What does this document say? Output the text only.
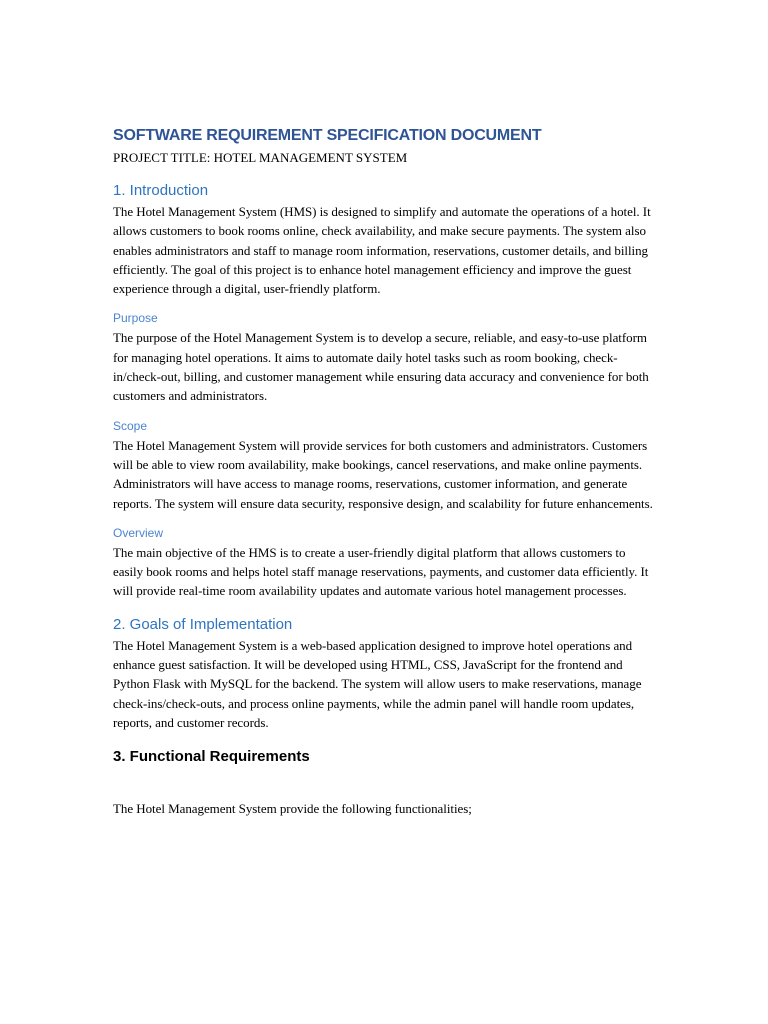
SOFTWARE REQUIREMENT SPECIFICATION DOCUMENT

PROJECT TITLE: HOTEL MANAGEMENT SYSTEM

1. Introduction

The Hotel Management System (HMS) is designed to simplify and automate the operations of a hotel. It allows customers to book rooms online, check availability, and make secure payments. The system also enables administrators and staff to manage room information, reservations, customer details, and billing efficiently. The goal of this project is to enhance hotel management efficiency and improve the guest experience through a digital, user-friendly platform.

Purpose

The purpose of the Hotel Management System is to develop a secure, reliable, and easy-to-use platform for managing hotel operations. It aims to automate daily hotel tasks such as room booking, check-in/check-out, billing, and customer management while ensuring data accuracy and convenience for both customers and administrators.

Scope

The Hotel Management System will provide services for both customers and administrators. Customers will be able to view room availability, make bookings, cancel reservations, and make online payments. Administrators will have access to manage rooms, reservations, customer information, and generate reports. The system will ensure data security, responsive design, and scalability for future enhancements.

Overview

The main objective of the HMS is to create a user-friendly digital platform that allows customers to easily book rooms and helps hotel staff manage reservations, payments, and customer data efficiently. It will provide real-time room availability updates and automate various hotel management processes.

2. Goals of Implementation

The Hotel Management System is a web-based application designed to improve hotel operations and enhance guest satisfaction. It will be developed using HTML, CSS, JavaScript for the frontend and Python Flask with MySQL for the backend. The system will allow users to make reservations, manage check-ins/check-outs, and process online payments, while the admin panel will handle room updates, reports, and customer records.

3. Functional Requirements

The Hotel Management System provide the following functionalities;
